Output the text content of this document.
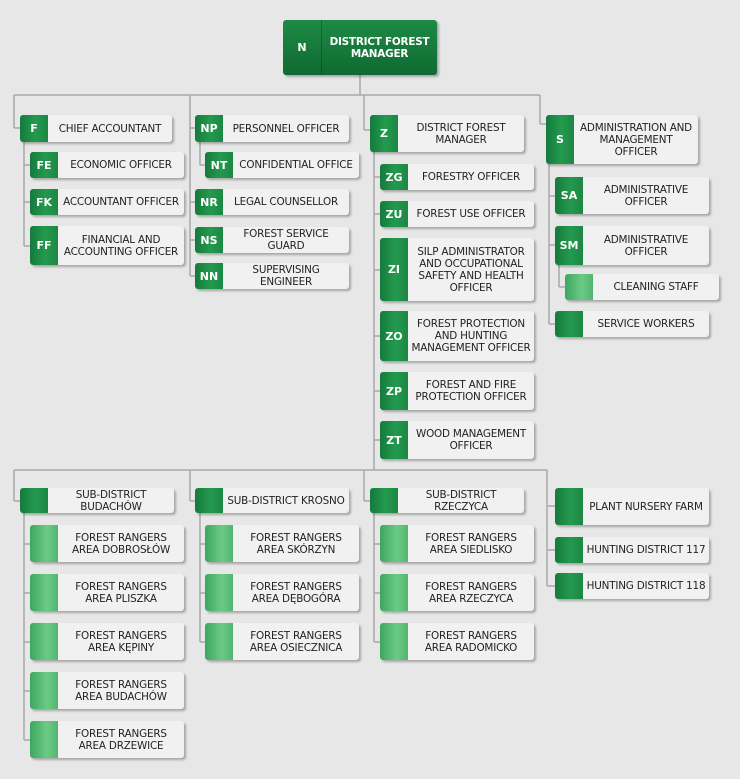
N	DISTRICT FOREST MANAGER
F	CHIEF ACCOUNTANT
FE	ECONOMIC OFFICER
FK	ACCOUNTANT OFFICER
FF	FINANCIAL AND ACCOUNTING OFFICER
NP	PERSONNEL OFFICER
NT	CONFIDENTIAL OFFICE
NR	LEGAL COUNSELLOR
NS	FOREST SERVICE GUARD
NN	SUPERVISING ENGINEER
Z	DISTRICT FOREST MANAGER
ZG	FORESTRY OFFICER
ZU	FOREST USE OFFICER
ZI
SILP ADMINISTRATOR AND OCCUPATIONAL SAFETY AND HEALTH OFFICER
ZO
FOREST PROTECTION AND HUNTING MANAGEMENT OFFICER
ZP	FOREST AND FIRE PROTECTION OFFICER
ZT	WOOD MANAGEMENT OFFICER
S
ADMINISTRATION AND MANAGEMENT OFFICER
SA	ADMINISTRATIVE OFFICER
SM	ADMINISTRATIVE OFFICER
CLEANING STAFF
SERVICE WORKERS
SUB-DISTRICT BUDACHÓW
FOREST RANGERS AREA DOBROSŁÓW
FOREST RANGERS AREA PLISZKA
FOREST RANGERS AREA KĘPINY
FOREST RANGERS AREA BUDACHÓW
FOREST RANGERS AREA DRZEWICE
SUB-DISTRICT KROSNO
FOREST RANGERS AREA SKÓRZYN
FOREST RANGERS AREA DĘBOGÓRA
FOREST RANGERS AREA OSIECZNICA
SUB-DISTRICT RZECZYCA
FOREST RANGERS AREA SIEDLISKO
FOREST RANGERS AREA RZECZYCA
FOREST RANGERS AREA RADOMICKO
PLANT NURSERY FARM
HUNTING DISTRICT 117
HUNTING DISTRICT 118
